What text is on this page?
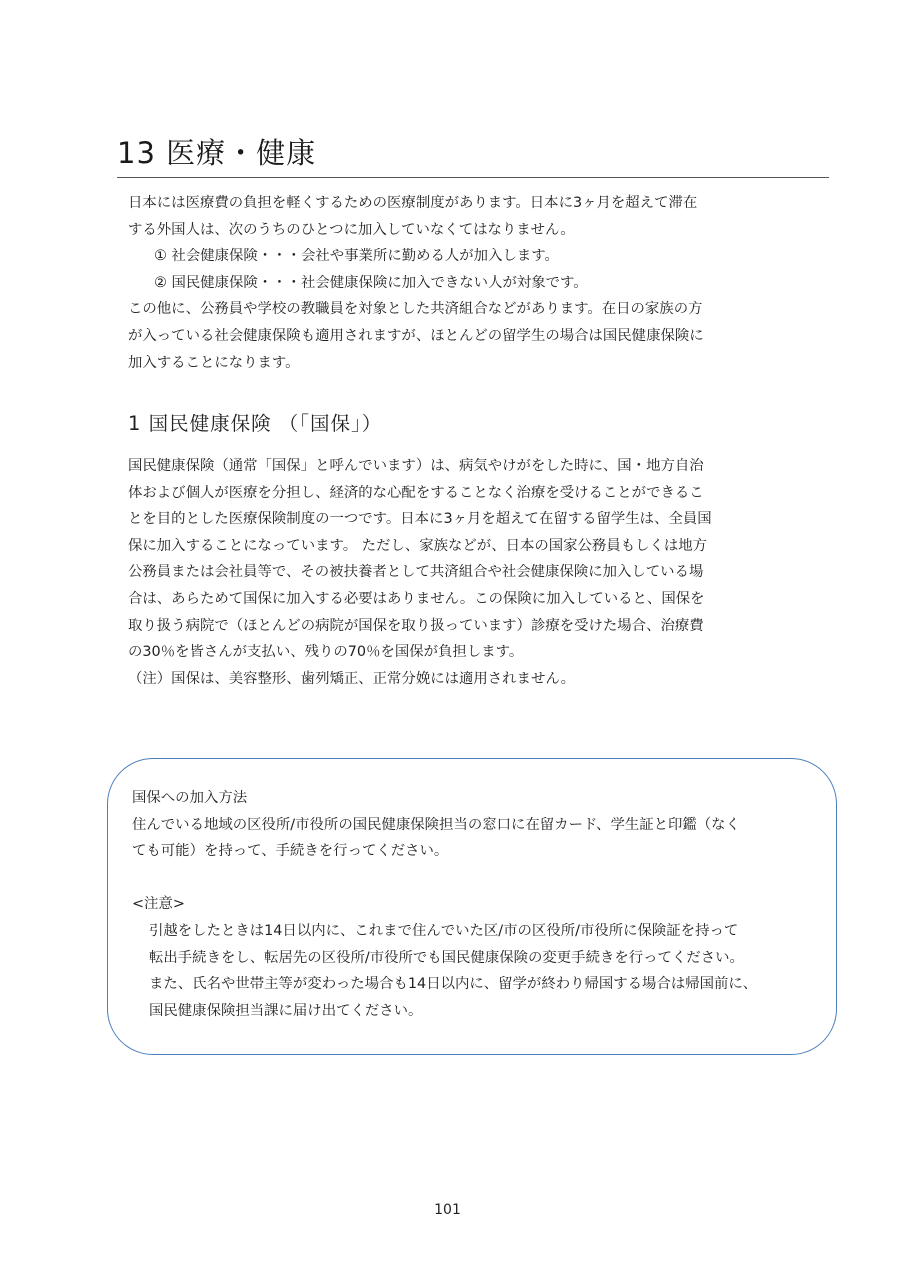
13 医療・健康

日本には医療費の負担を軽くするための医療制度があります。日本に3ヶ月を超えて滞在

する外国人は、次のうちのひとつに加入していなくてはなりません。

① 社会健康保険・・・会社や事業所に勤める人が加入します。

② 国民健康保険・・・社会健康保険に加入できない人が対象です。

この他に、公務員や学校の教職員を対象とした共済組合などがあります。在日の家族の方

が入っている社会健康保険も適用されますが、ほとんどの留学生の場合は国民健康保険に

加入することになります。

1 国民健康保険 （「国保」）

国民健康保険（通常「国保」と呼んでいます）は、病気やけがをした時に、国・地方自治

体および個人が医療を分担し、経済的な心配をすることなく治療を受けることができるこ

とを目的とした医療保険制度の一つです。日本に3ヶ月を超えて在留する留学生は、全員国

保に加入することになっています。 ただし、家族などが、日本の国家公務員もしくは地方

公務員または会社員等で、その被扶養者として共済組合や社会健康保険に加入している場

合は、あらためて国保に加入する必要はありません。この保険に加入していると、国保を

取り扱う病院で（ほとんどの病院が国保を取り扱っています）診療を受けた場合、治療費

の30％を皆さんが支払い、残りの70％を国保が負担します。

（注）国保は、美容整形、歯列矯正、正常分娩には適用されません。

国保への加入方法

住んでいる地域の区役所/市役所の国民健康保険担当の窓口に在留カード、学生証と印鑑（なく

ても可能）を持って、手続きを行ってください。

<注意>

引越をしたときは14日以内に、これまで住んでいた区/市の区役所/市役所に保険証を持って

転出手続きをし、転居先の区役所/市役所でも国民健康保険の変更手続きを行ってください。

また、氏名や世帯主等が変わった場合も14日以内に、留学が終わり帰国する場合は帰国前に、

国民健康保険担当課に届け出てください。

101
